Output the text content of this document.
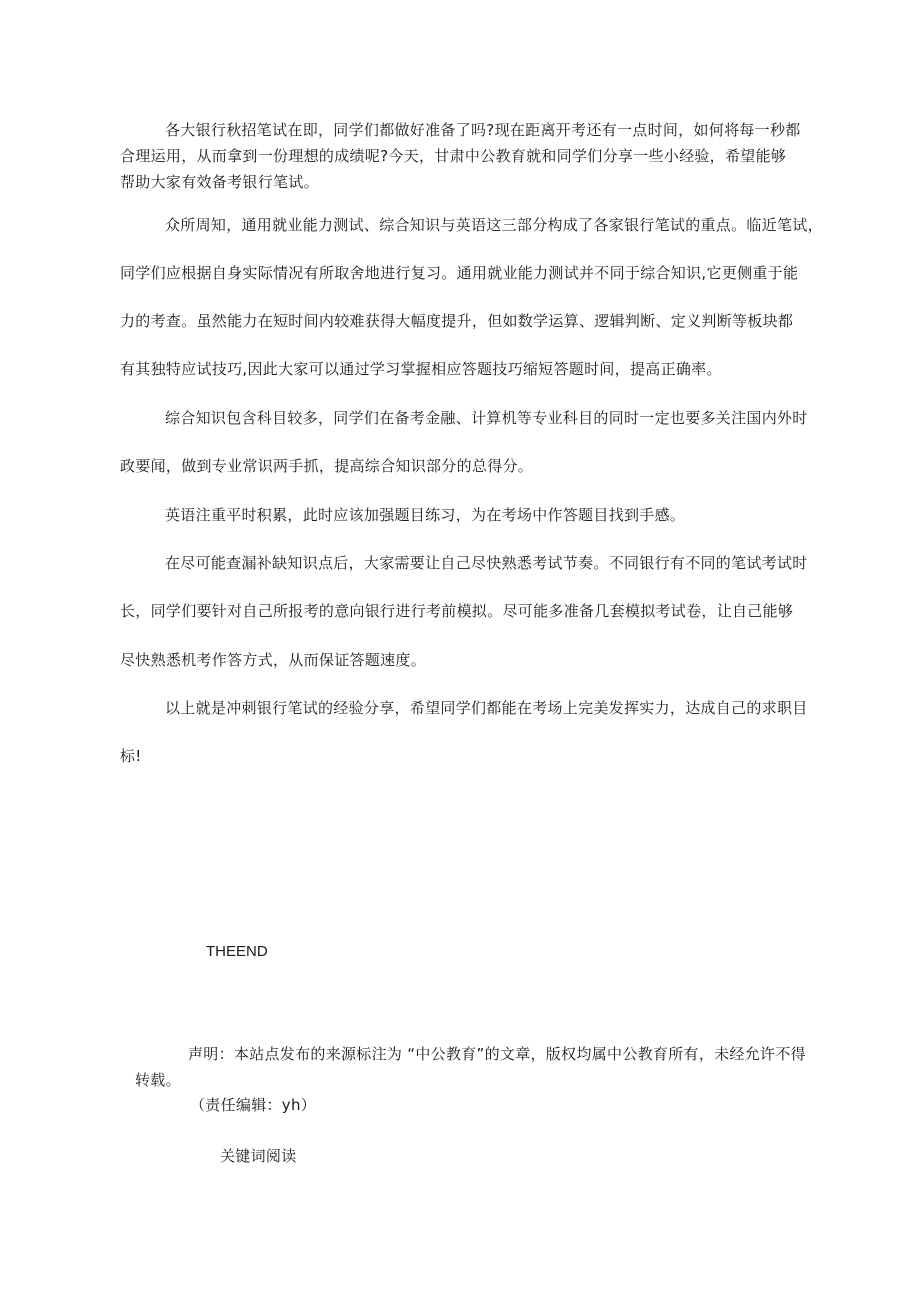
各大银行秋招笔试在即，同学们都做好准备了吗?现在距离开考还有一点时间，如何将每一秒都
合理运用，从而拿到一份理想的成绩呢?今天，甘肃中公教育就和同学们分享一些小经验，希望能够
帮助大家有效备考银行笔试。
众所周知，通用就业能力测试、综合知识与英语这三部分构成了各家银行笔试的重点。临近笔试，
同学们应根据自身实际情况有所取舍地进行复习。通用就业能力测试并不同于综合知识,它更侧重于能
力的考查。虽然能力在短时间内较难获得大幅度提升，但如数学运算、逻辑判断、定义判断等板块都
有其独特应试技巧,因此大家可以通过学习掌握相应答题技巧缩短答题时间，提高正确率。
综合知识包含科目较多，同学们在备考金融、计算机等专业科目的同时一定也要多关注国内外时
政要闻，做到专业常识两手抓，提高综合知识部分的总得分。
英语注重平时积累，此时应该加强题目练习，为在考场中作答题目找到手感。
在尽可能查漏补缺知识点后，大家需要让自己尽快熟悉考试节奏。不同银行有不同的笔试考试时
长，同学们要针对自己所报考的意向银行进行考前模拟。尽可能多准备几套模拟考试卷，让自己能够
尽快熟悉机考作答方式，从而保证答题速度。
以上就是冲刺银行笔试的经验分享，希望同学们都能在考场上完美发挥实力，达成自己的求职目
标!
THEEND
声明：本站点发布的来源标注为 “中公教育”的文章，版权均属中公教育所有，未经允许不得
转载。
（责任编辑：yh）
关键词阅读
